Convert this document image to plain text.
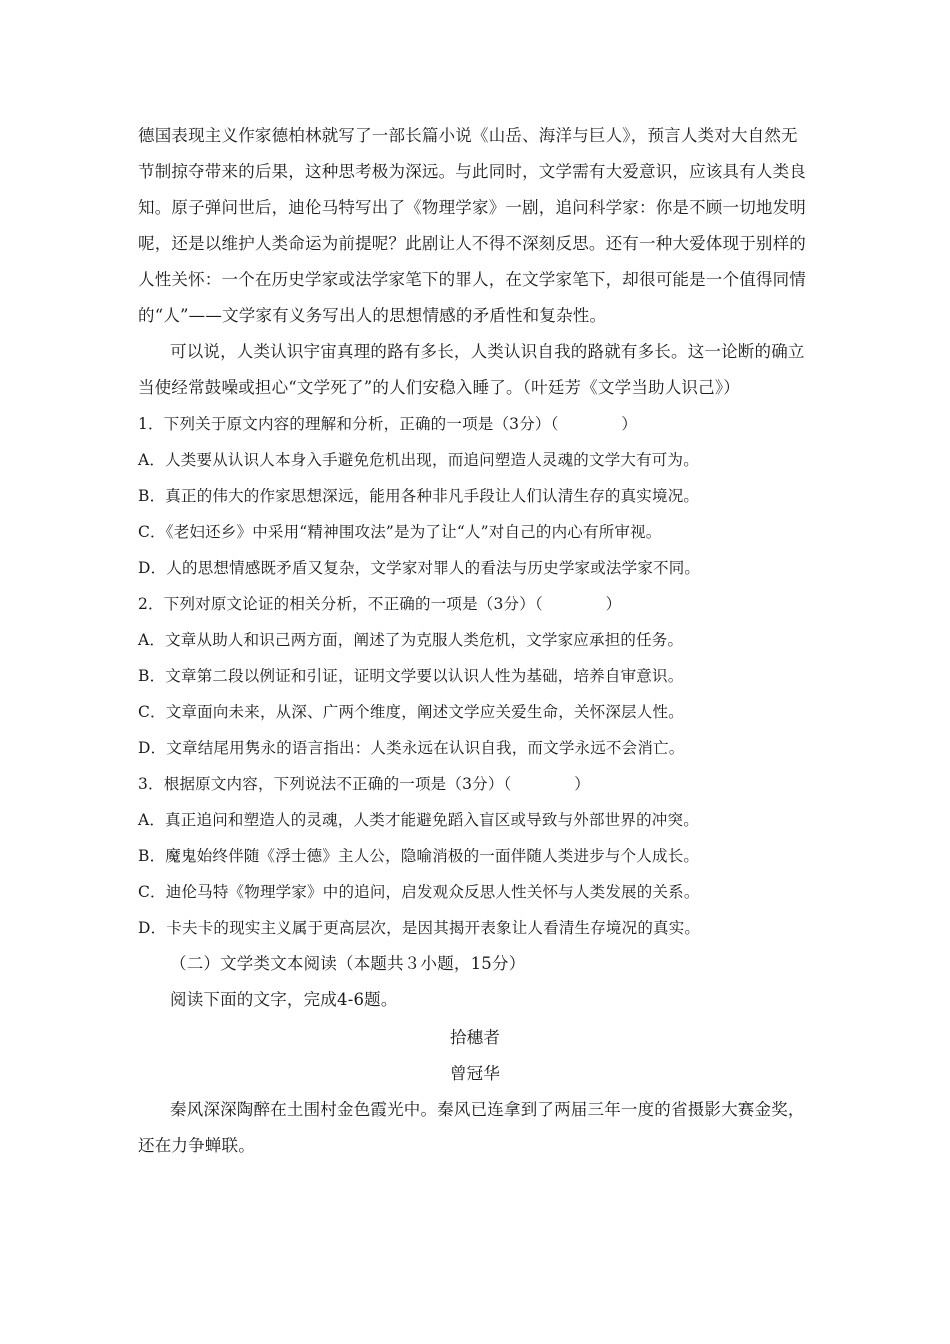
德国表现主义作家德柏林就写了一部长篇小说《山岳、海洋与巨人》，预言人类对大自然无
节制掠夺带来的后果，这种思考极为深远。与此同时，文学需有大爱意识，应该具有人类良
知。原子弹问世后，迪伦马特写出了《物理学家》一剧，追问科学家：你是不顾一切地发明
呢，还是以维护人类命运为前提呢？此剧让人不得不深刻反思。还有一种大爱体现于别样的
人性关怀：一个在历史学家或法学家笔下的罪人，在文学家笔下，却很可能是一个值得同情
的“人”——文学家有义务写出人的思想情感的矛盾性和复杂性。
可以说，人类认识宇宙真理的路有多长，人类认识自我的路就有多长。这一论断的确立
当使经常鼓噪或担心“文学死了”的人们安稳入睡了。（叶廷芳《文学当助人识己》）
1．下列关于原文内容的理解和分析，正确的一项是（3分）（　　　　）
A．人类要从认识人本身入手避免危机出现，而追问塑造人灵魂的文学大有可为。
B．真正的伟大的作家思想深远，能用各种非凡手段让人们认清生存的真实境况。
C．《老妇还乡》中采用“精神围攻法”是为了让“人”对自己的内心有所审视。
D．人的思想情感既矛盾又复杂，文学家对罪人的看法与历史学家或法学家不同。
2．下列对原文论证的相关分析，不正确的一项是（3分）（　　　　）
A．文章从助人和识己两方面，阐述了为克服人类危机，文学家应承担的任务。
B．文章第二段以例证和引证，证明文学要以认识人性为基础，培养自审意识。
C．文章面向未来，从深、广两个维度，阐述文学应关爱生命，关怀深层人性。
D．文章结尾用隽永的语言指出：人类永远在认识自我，而文学永远不会消亡。
3．根据原文内容，下列说法不正确的一项是（3分）（　　　　）
A．真正追问和塑造人的灵魂，人类才能避免蹈入盲区或导致与外部世界的冲突。
B．魔鬼始终伴随《浮士德》主人公，隐喻消极的一面伴随人类进步与个人成长。
C．迪伦马特《物理学家》中的追问，启发观众反思人性关怀与人类发展的关系。
D．卡夫卡的现实主义属于更高层次，是因其揭开表象让人看清生存境况的真实。
（二）文学类文本阅读（本题共３小题，15分）
阅读下面的文字，完成4-6题。
拾穗者
曾冠华
秦风深深陶醉在土围村金色霞光中。秦风已连拿到了两届三年一度的省摄影大赛金奖，
还在力争蝉联。
